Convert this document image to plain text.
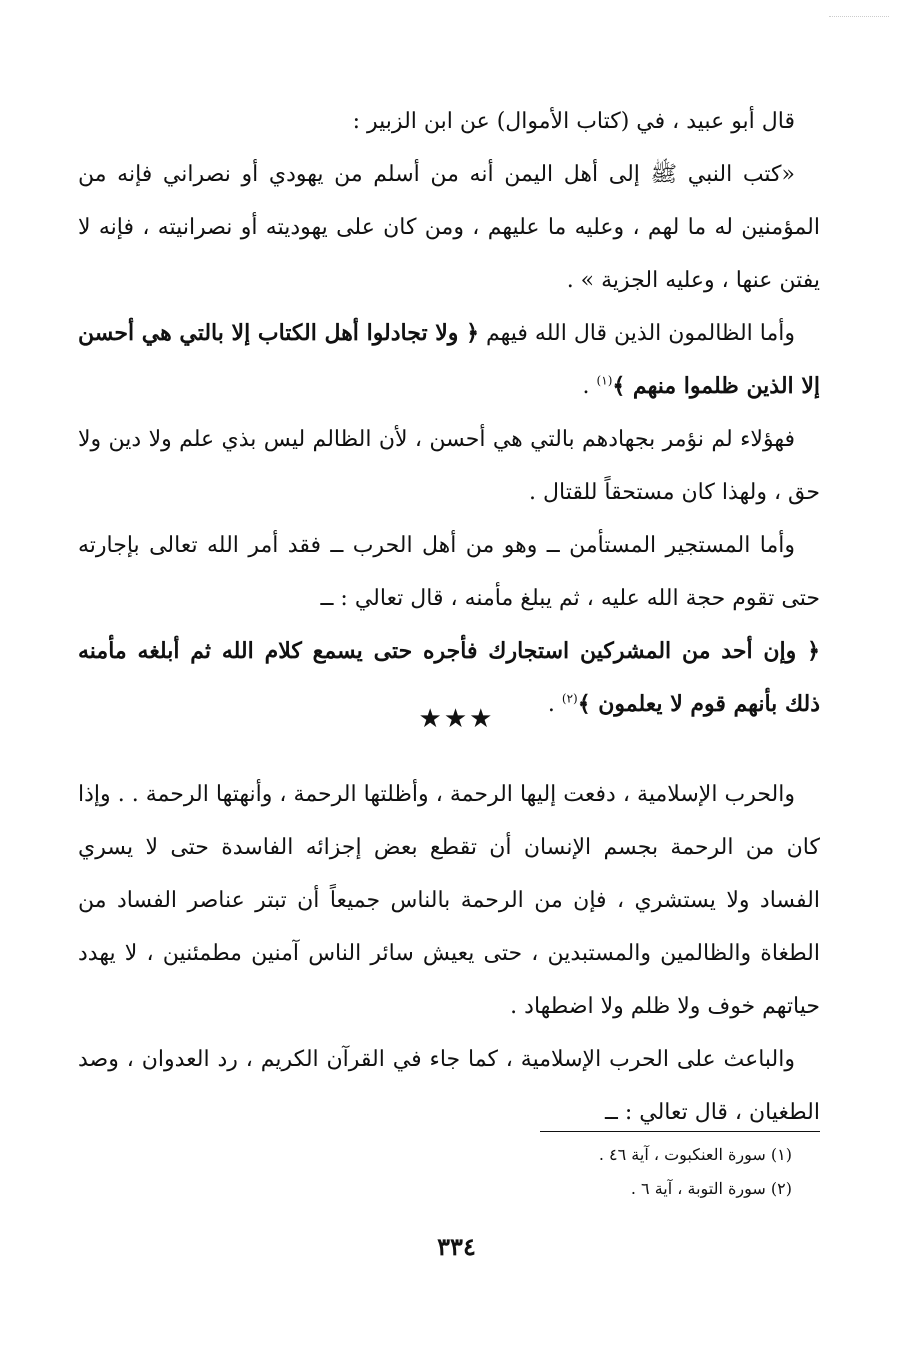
قال أبو عبيد ، في (كتاب الأموال) عن ابن الزبير :

«كتب النبي ﷺ إلى أهل اليمن أنه من أسلم من يهودي أو نصراني فإنه من المؤمنين له ما لهم ، وعليه ما عليهم ، ومن كان على يهوديته أو نصرانيته ، فإنه لا يفتن عنها ، وعليه الجزية » .

وأما الظالمون الذين قال الله فيهم ﴿ ولا تجادلوا أهل الكتاب إلا بالتي هي أحسن إلا الذين ظلموا منهم ﴾$^{(١)}$ .

فهؤلاء لم نؤمر بجهادهم بالتي هي أحسن ، لأن الظالم ليس بذي علم ولا دين ولا حق ، ولهذا كان مستحقاً للقتال .

وأما المستجير المستأمن ــ وهو من أهل الحرب ــ فقد أمر الله تعالى بإجارته حتى تقوم حجة الله عليه ، ثم يبلغ مأمنه ، قال تعالي : ــ

﴿ وإن أحد من المشركين استجارك فأجره حتى يسمع كلام الله ثم أبلغه مأمنه ذلك بأنهم قوم لا يعلمون ﴾$^{(٢)}$ .

★★★

والحرب الإسلامية ، دفعت إليها الرحمة ، وأظلتها الرحمة ، وأنهتها الرحمة . . وإذا كان من الرحمة بجسم الإنسان أن تقطع بعض إجزائه الفاسدة حتى لا يسري الفساد ولا يستشري ، فإن من الرحمة بالناس جميعاً أن تبتر عناصر الفساد من الطغاة والظالمين والمستبدين ، حتى يعيش سائر الناس آمنين مطمئنين ، لا يهدد حياتهم خوف ولا ظلم ولا اضطهاد .

والباعث على الحرب الإسلامية ، كما جاء في القرآن الكريم ، رد العدوان ، وصد الطغيان ، قال تعالي : ــ

(١) سورة العنكبوت ، آية ٤٦ .

(٢) سورة التوبة ، آية ٦ .

٣٣٤
